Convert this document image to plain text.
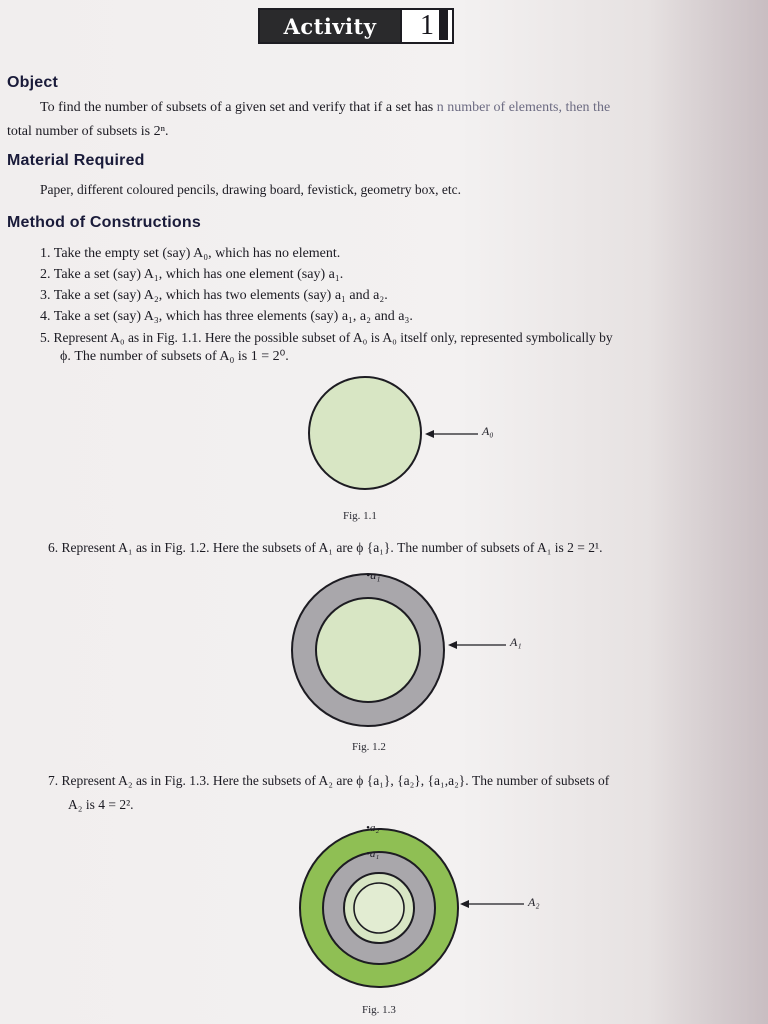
Activity	1
Object
To find the number of subsets of a given set and verify that if a set has n number of elements, then the
total number of subsets is 2ⁿ.
Material Required
Paper, different coloured pencils, drawing board, fevistick, geometry box, etc.
Method of Constructions
1. Take the empty set (say) A₀, which has no element.
2. Take a set (say) A₁, which has one element (say) a₁.
3. Take a set (say) A₂, which has two elements (say) a₁ and a₂.
4. Take a set (say) A₃, which has three elements (say) a₁, a₂ and a₃.
5. Represent A₀ as in Fig. 1.1. Here the possible subset of A₀ is A₀ itself only, represented symbolically by
ϕ. The number of subsets of A₀ is 1 = 2⁰.
A₀
Fig. 1.1
6. Represent A₁ as in Fig. 1.2. Here the subsets of A₁ are ϕ {a₁}. The number of subsets of A₁ is 2 = 2¹.
•a₁
A₁
Fig. 1.2
7. Represent A₂ as in Fig. 1.3. Here the subsets of A₂ are ϕ {a₁}, {a₂}, {a₁,a₂}. The number of subsets of
A₂ is 4 = 2².
•a₂
•a₁
A₂
Fig. 1.3
